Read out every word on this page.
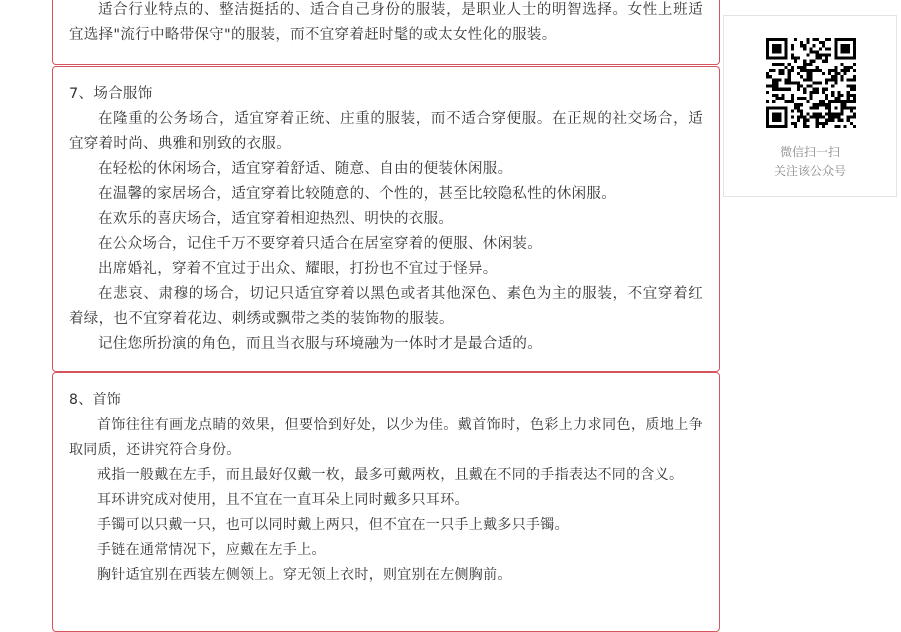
适合行业特点的、整洁挺括的、适合自己身份的服装，是职业人士的明智选择。女性上班适宜选择"流行中略带保守"的服装，而不宜穿着赶时髦的或太女性化的服装。

7、场合服饰

在隆重的公务场合，适宜穿着正统、庄重的服装，而不适合穿便服。在正规的社交场合，适宜穿着时尚、典雅和别致的衣服。

在轻松的休闲场合，适宜穿着舒适、随意、自由的便装休闲服。

在温馨的家居场合，适宜穿着比较随意的、个性的，甚至比较隐私性的休闲服。

在欢乐的喜庆场合，适宜穿着相迎热烈、明快的衣服。

在公众场合，记住千万不要穿着只适合在居室穿着的便服、休闲装。

出席婚礼，穿着不宜过于出众、耀眼，打扮也不宜过于怪异。

在悲哀、肃穆的场合，切记只适宜穿着以黑色或者其他深色、素色为主的服装，不宜穿着红着绿，也不宜穿着花边、刺绣或飘带之类的装饰物的服装。

记住您所扮演的角色，而且当衣服与环境融为一体时才是最合适的。

8、首饰

首饰往往有画龙点睛的效果，但要恰到好处，以少为佳。戴首饰时，色彩上力求同色，质地上争取同质，还讲究符合身份。

戒指一般戴在左手，而且最好仅戴一枚，最多可戴两枚，且戴在不同的手指表达不同的含义。

耳环讲究成对使用，且不宜在一直耳朵上同时戴多只耳环。

手镯可以只戴一只，也可以同时戴上两只，但不宜在一只手上戴多只手镯。

手链在通常情况下，应戴在左手上。

胸针适宜别在西装左侧领上。穿无领上衣时，则宜别在左侧胸前。

微信扫一扫
关注该公众号
